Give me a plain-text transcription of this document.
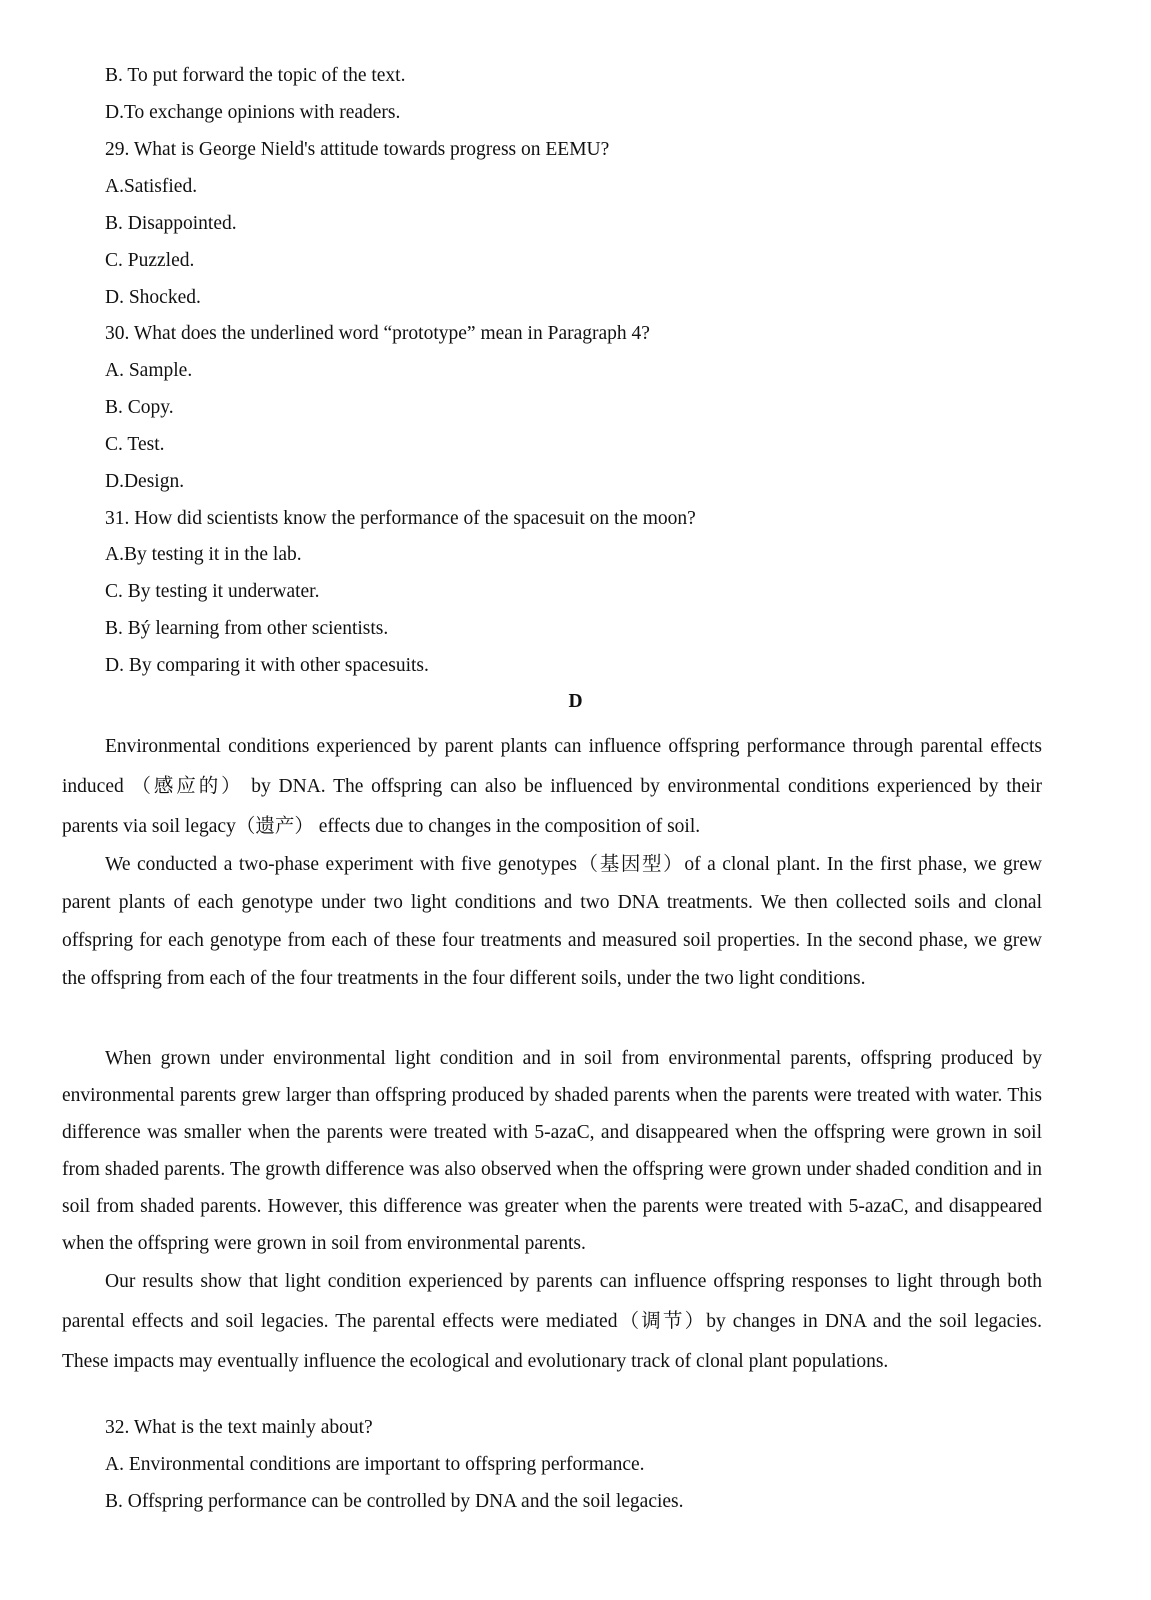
B. To put forward the topic of the text.
D.To exchange opinions with readers.
29. What is George Nield's attitude towards progress on EEMU?
A.Satisfied.
B. Disappointed.
C. Puzzled.
D. Shocked.
30. What does the underlined word “prototype” mean in Paragraph 4?
A. Sample.
B. Copy.
C. Test.
D.Design.
31. How did scientists know the performance of the spacesuit on the moon?
A.By testing it in the lab.
C. By testing it underwater.
B. Bý learning from other scientists.
D. By comparing it with other spacesuits.
D
Environmental conditions experienced by parent plants can influence offspring performance through parental effects induced （感应的） by DNA. The offspring can also be influenced by environmental conditions experienced by their parents via soil legacy（遗产） effects due to changes in the composition of soil.
We conducted a two-phase experiment with five genotypes（基因型）of a clonal plant. In the first phase, we grew parent plants of each genotype under two light conditions and two DNA treatments. We then collected soils and clonal offspring for each genotype from each of these four treatments and measured soil properties. In the second phase, we grew the offspring from each of the four treatments in the four different soils, under the two light conditions.
When grown under environmental light condition and in soil from environmental parents, offspring produced by environmental parents grew larger than offspring produced by shaded parents when the parents were treated with water. This difference was smaller when the parents were treated with 5-azaC, and disappeared when the offspring were grown in soil from shaded parents. The growth difference was also observed when the offspring were grown under shaded condition and in soil from shaded parents. However, this difference was greater when the parents were treated with 5-azaC, and disappeared when the offspring were grown in soil from environmental parents.
Our results show that light condition experienced by parents can influence offspring responses to light through both parental effects and soil legacies. The parental effects were mediated（调节）by changes in DNA and the soil legacies. These impacts may eventually influence the ecological and evolutionary track of clonal plant populations.
32. What is the text mainly about?
A. Environmental conditions are important to offspring performance.
B. Offspring performance can be controlled by DNA and the soil legacies.
